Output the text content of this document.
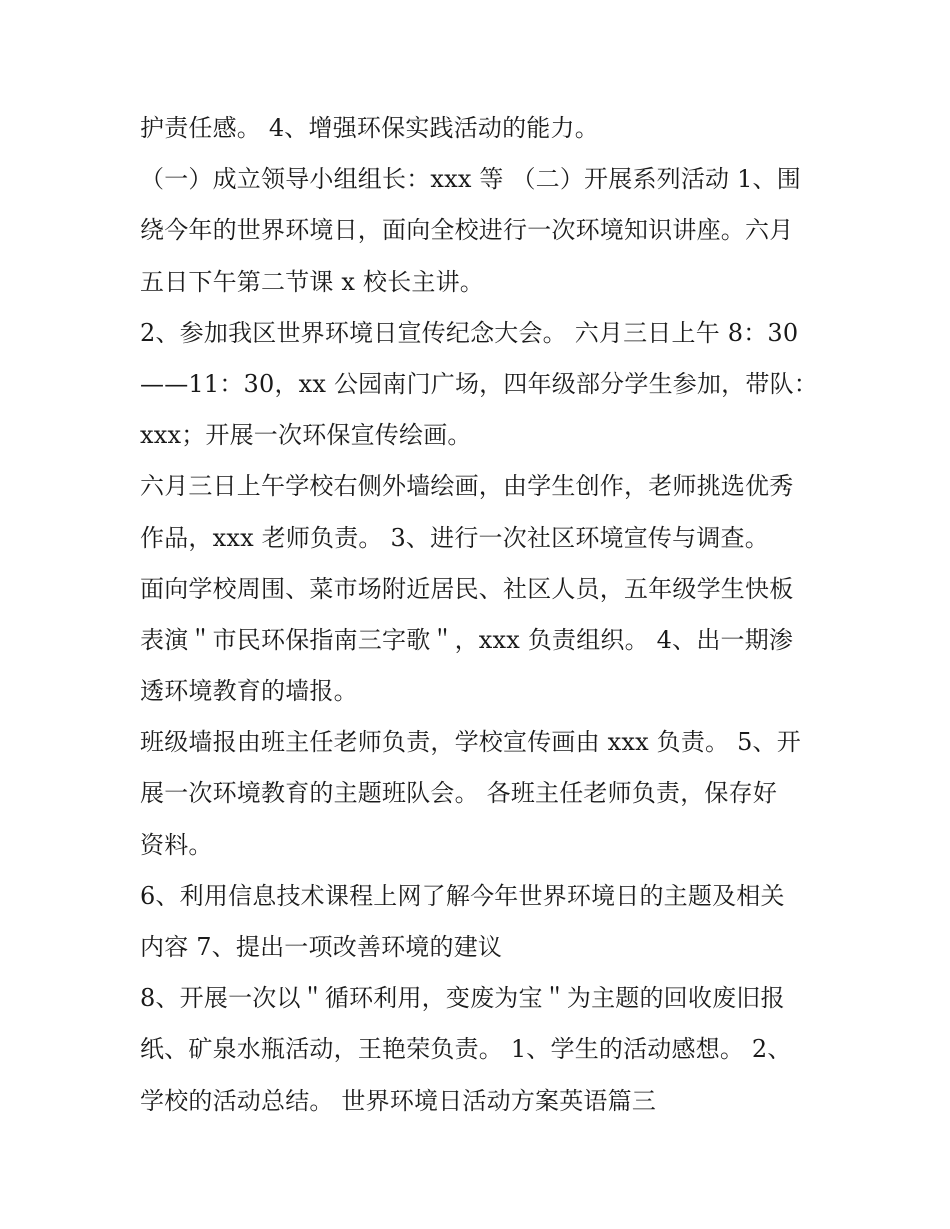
护责任感。 4、增强环保实践活动的能力。
（一）成立领导小组组长：xxx 等 （二）开展系列活动 1、围
绕今年的世界环境日，面向全校进行一次环境知识讲座。六月
五日下午第二节课 x 校长主讲。
2、参加我区世界环境日宣传纪念大会。 六月三日上午 8：30
——11：30，xx 公园南门广场，四年级部分学生参加，带队：
xxx；开展一次环保宣传绘画。
六月三日上午学校右侧外墙绘画，由学生创作，老师挑选优秀
作品，xxx 老师负责。 3、进行一次社区环境宣传与调查。
面向学校周围、菜市场附近居民、社区人员，五年级学生快板
表演＂市民环保指南三字歌＂，xxx 负责组织。 4、出一期渗
透环境教育的墙报。
班级墙报由班主任老师负责，学校宣传画由 xxx 负责。 5、开
展一次环境教育的主题班队会。 各班主任老师负责，保存好
资料。
6、利用信息技术课程上网了解今年世界环境日的主题及相关
内容 7、提出一项改善环境的建议
8、开展一次以＂循环利用，变废为宝＂为主题的回收废旧报
纸、矿泉水瓶活动，王艳荣负责。 1、学生的活动感想。 2、
学校的活动总结。 世界环境日活动方案英语篇三
